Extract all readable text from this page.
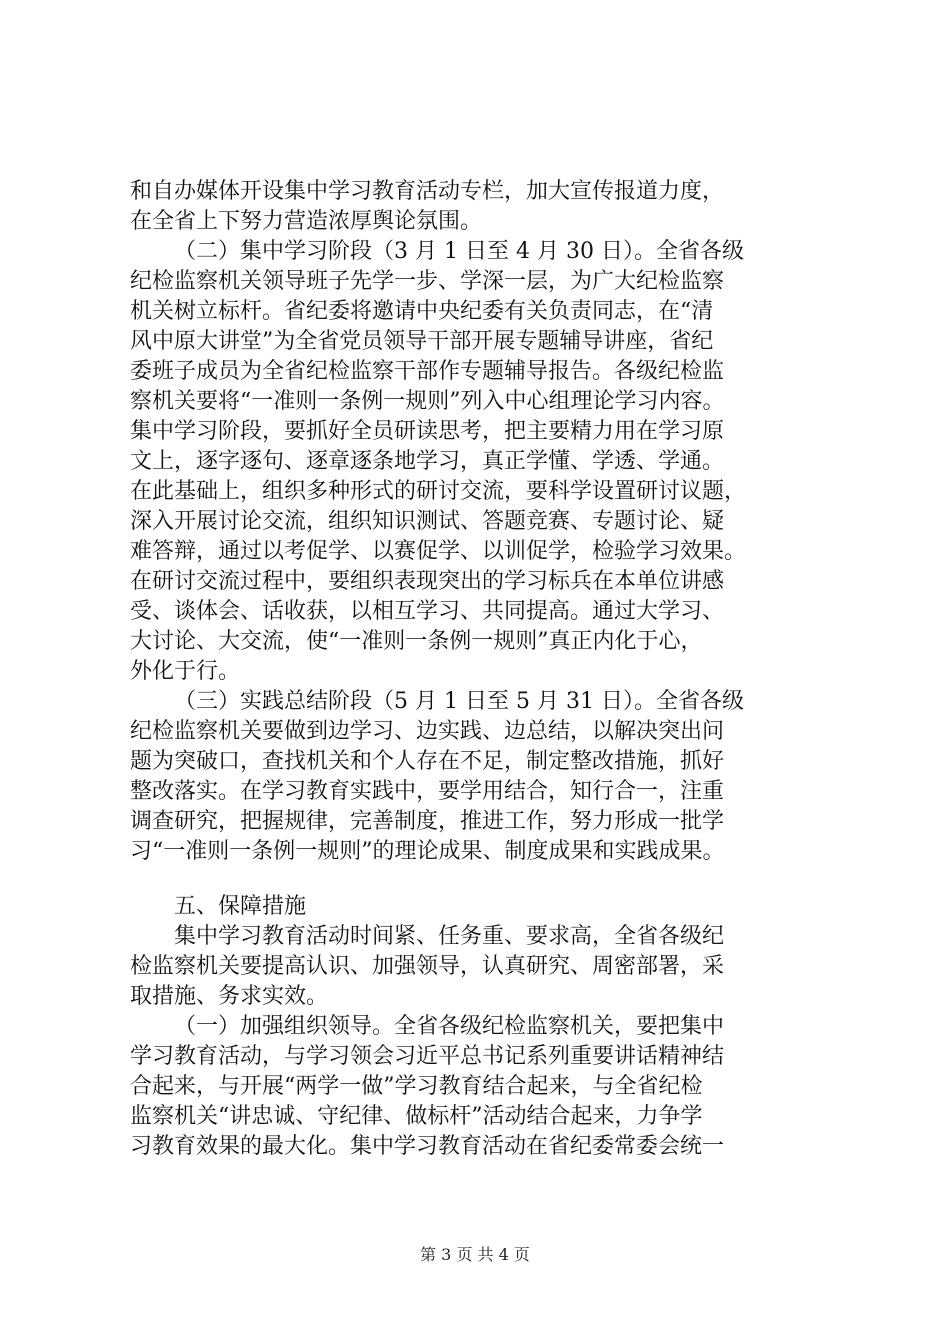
和自办媒体开设集中学习教育活动专栏，加大宣传报道力度，
在全省上下努力营造浓厚舆论氛围。
（二）集中学习阶段（3 月 1 日至 4 月 30 日）。全省各级
纪检监察机关领导班子先学一步、学深一层，为广大纪检监察
机关树立标杆。省纪委将邀请中央纪委有关负责同志，在“清
风中原大讲堂”为全省党员领导干部开展专题辅导讲座，省纪
委班子成员为全省纪检监察干部作专题辅导报告。各级纪检监
察机关要将“一准则一条例一规则”列入中心组理论学习内容。
集中学习阶段，要抓好全员研读思考，把主要精力用在学习原
文上，逐字逐句、逐章逐条地学习，真正学懂、学透、学通。
在此基础上，组织多种形式的研讨交流，要科学设置研讨议题，
深入开展讨论交流，组织知识测试、答题竞赛、专题讨论、疑
难答辩，通过以考促学、以赛促学、以训促学，检验学习效果。
在研讨交流过程中，要组织表现突出的学习标兵在本单位讲感
受、谈体会、话收获，以相互学习、共同提高。通过大学习、
大讨论、大交流，使“一准则一条例一规则”真正内化于心，
外化于行。
（三）实践总结阶段（5 月 1 日至 5 月 31 日）。全省各级
纪检监察机关要做到边学习、边实践、边总结，以解决突出问
题为突破口，查找机关和个人存在不足，制定整改措施，抓好
整改落实。在学习教育实践中，要学用结合，知行合一，注重
调查研究，把握规律，完善制度，推进工作，努力形成一批学
习“一准则一条例一规则”的理论成果、制度成果和实践成果。
五、保障措施
集中学习教育活动时间紧、任务重、要求高，全省各级纪
检监察机关要提高认识、加强领导，认真研究、周密部署，采
取措施、务求实效。
（一）加强组织领导。全省各级纪检监察机关，要把集中
学习教育活动，与学习领会习近平总书记系列重要讲话精神结
合起来，与开展“两学一做”学习教育结合起来，与全省纪检
监察机关“讲忠诚、守纪律、做标杆”活动结合起来，力争学
习教育效果的最大化。集中学习教育活动在省纪委常委会统一
第 3 页 共 4 页
